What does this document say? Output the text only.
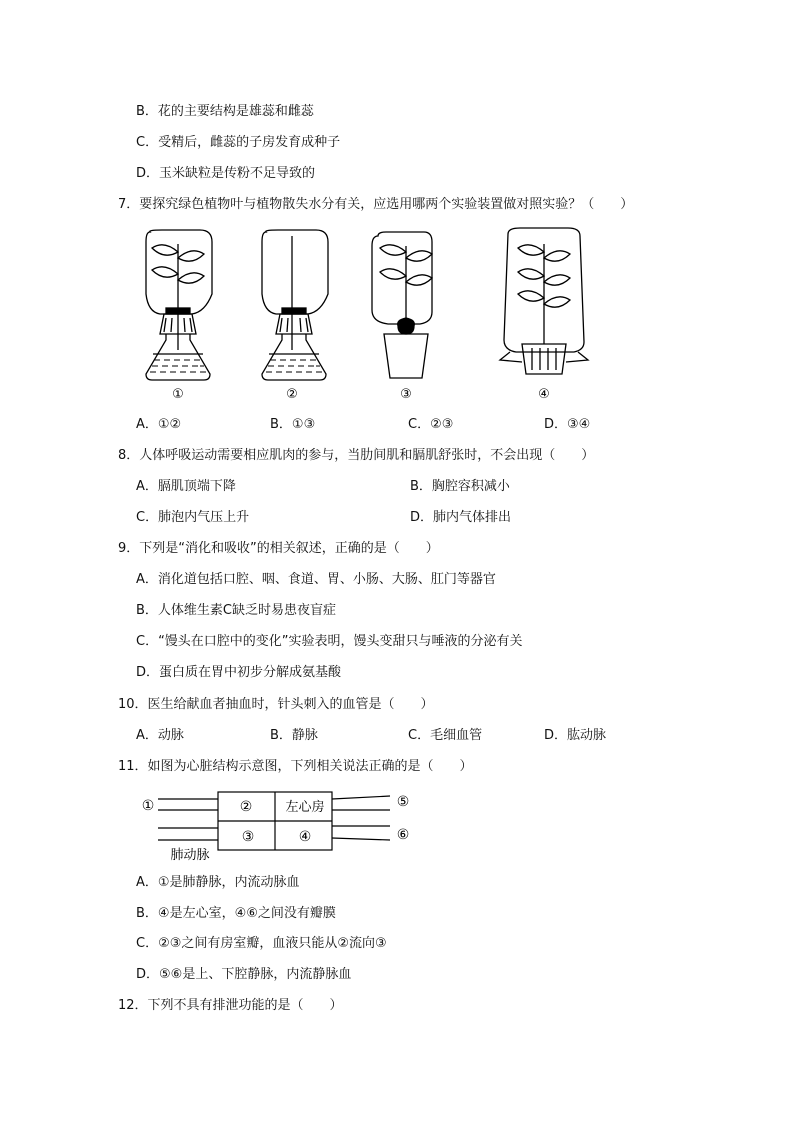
B．花的主要结构是雄蕊和雌蕊
C．受精后，雌蕊的子房发育成种子
D．玉米缺粒是传粉不足导致的
7．要探究绿色植物叶与植物散失水分有关，应选用哪两个实验装置做对照实验？（　　）
①	②	③	④
A．①②	B．①③	C．②③	D．③④
8．人体呼吸运动需要相应肌肉的参与，当肋间肌和膈肌舒张时，不会出现（　　）
A．膈肌顶端下降	B．胸腔容积减小
C．肺泡内气压上升	D．肺内气体排出
9．下列是“消化和吸收”的相关叙述，正确的是（　　）
A．消化道包括口腔、咽、食道、胃、小肠、大肠、肛门等器官
B．人体维生素C缺乏时易患夜盲症
C．“馒头在口腔中的变化”实验表明，馒头变甜只与唾液的分泌有关
D．蛋白质在胃中初步分解成氨基酸
10．医生给献血者抽血时，针头刺入的血管是（　　）
A．动脉	B．静脉	C．毛细血管	D．肱动脉
11．如图为心脏结构示意图，下列相关说法正确的是（　　）
①	②	左心房
③	④
⑤
⑥
肺动脉
A．①是肺静脉，内流动脉血
B．④是左心室，④⑥之间没有瓣膜
C．②③之间有房室瓣，血液只能从②流向③
D．⑤⑥是上、下腔静脉，内流静脉血
12．下列不具有排泄功能的是（　　）
